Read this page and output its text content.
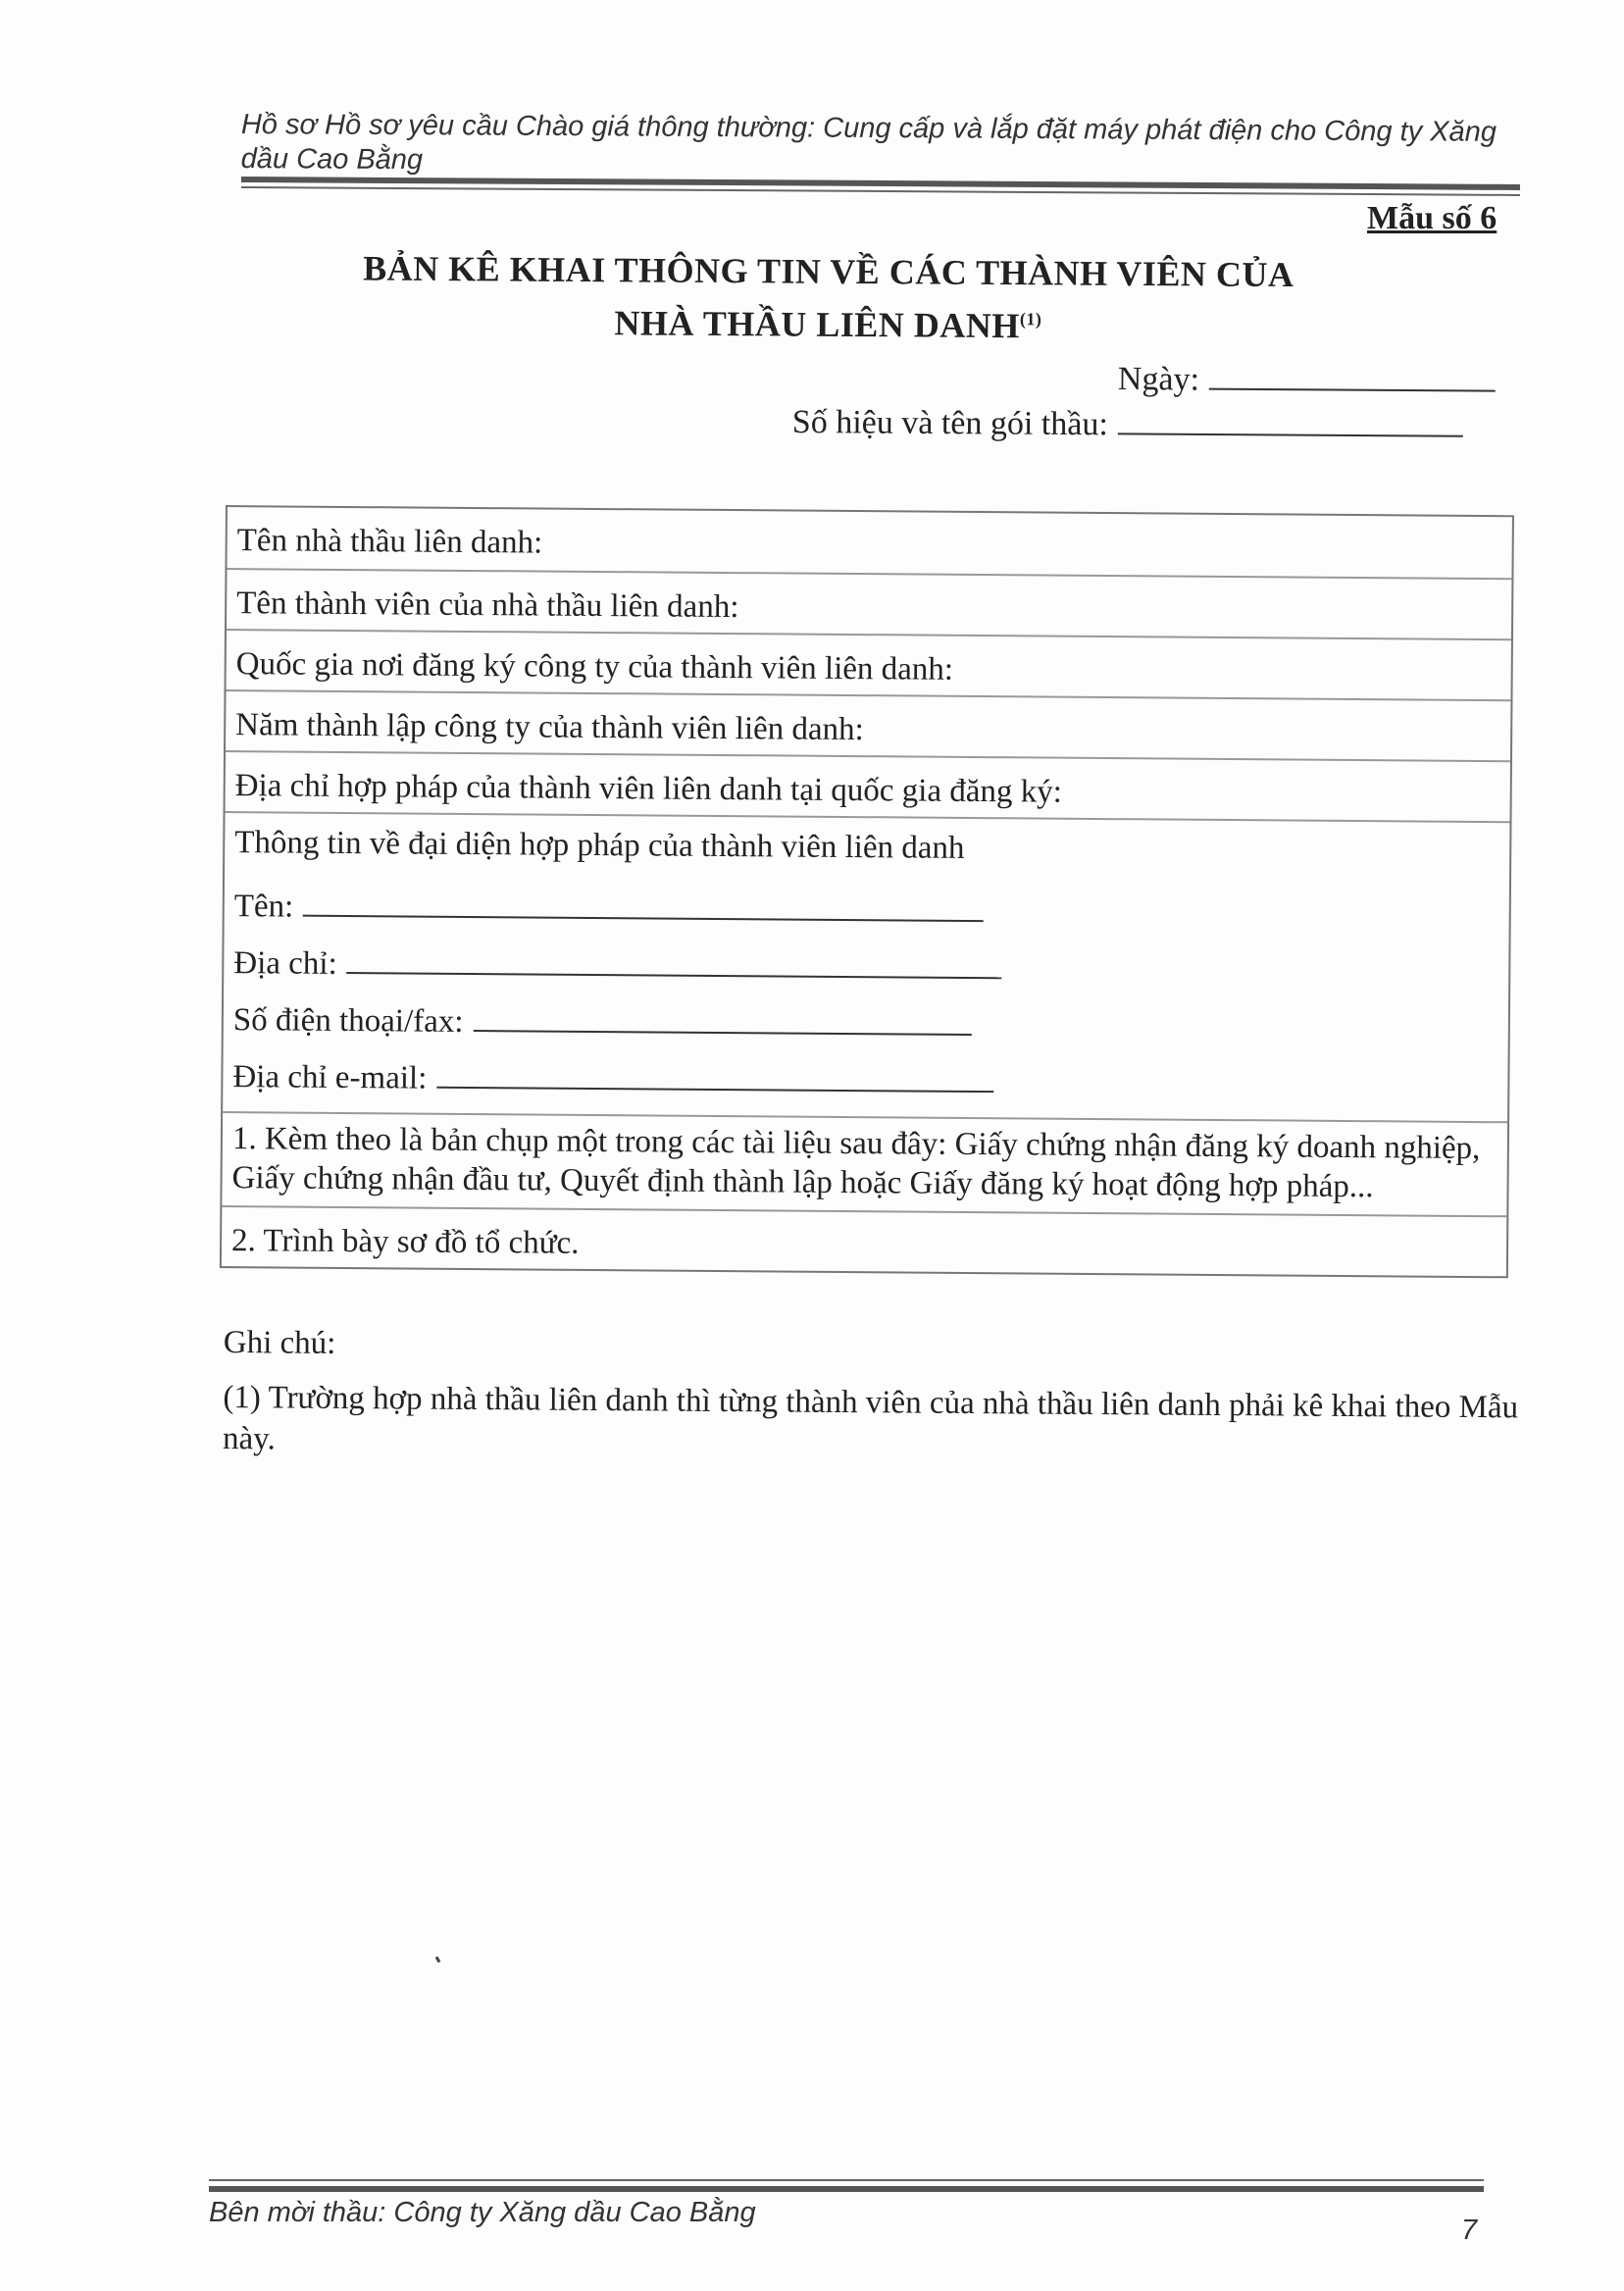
Hồ sơ Hồ sơ yêu cầu Chào giá thông thường: Cung cấp và lắp đặt máy phát điện cho Công ty Xăng dầu Cao Bằng
Mẫu số 6
BẢN KÊ KHAI THÔNG TIN VỀ CÁC THÀNH VIÊN CỦA
NHÀ THẦU LIÊN DANH$^{(1)}$
Ngày:
Số hiệu và tên gói thầu:
Tên nhà thầu liên danh:
Tên thành viên của nhà thầu liên danh:
Quốc gia nơi đăng ký công ty của thành viên liên danh:
Năm thành lập công ty của thành viên liên danh:
Địa chỉ hợp pháp của thành viên liên danh tại quốc gia đăng ký:
Thông tin về đại diện hợp pháp của thành viên liên danh
Tên:
Địa chỉ:
Số điện thoại/fax:
Địa chỉ e-mail:
1. Kèm theo là bản chụp một trong các tài liệu sau đây: Giấy chứng nhận đăng ký doanh nghiệp, Giấy chứng nhận đầu tư, Quyết định thành lập hoặc Giấy đăng ký hoạt động hợp pháp...
2. Trình bày sơ đồ tổ chức.

Ghi chú:

(1) Trường hợp nhà thầu liên danh thì từng thành viên của nhà thầu liên danh phải kê khai theo Mẫu này.

Bên mời thầu: Công ty Xăng dầu Cao Bằng
7
